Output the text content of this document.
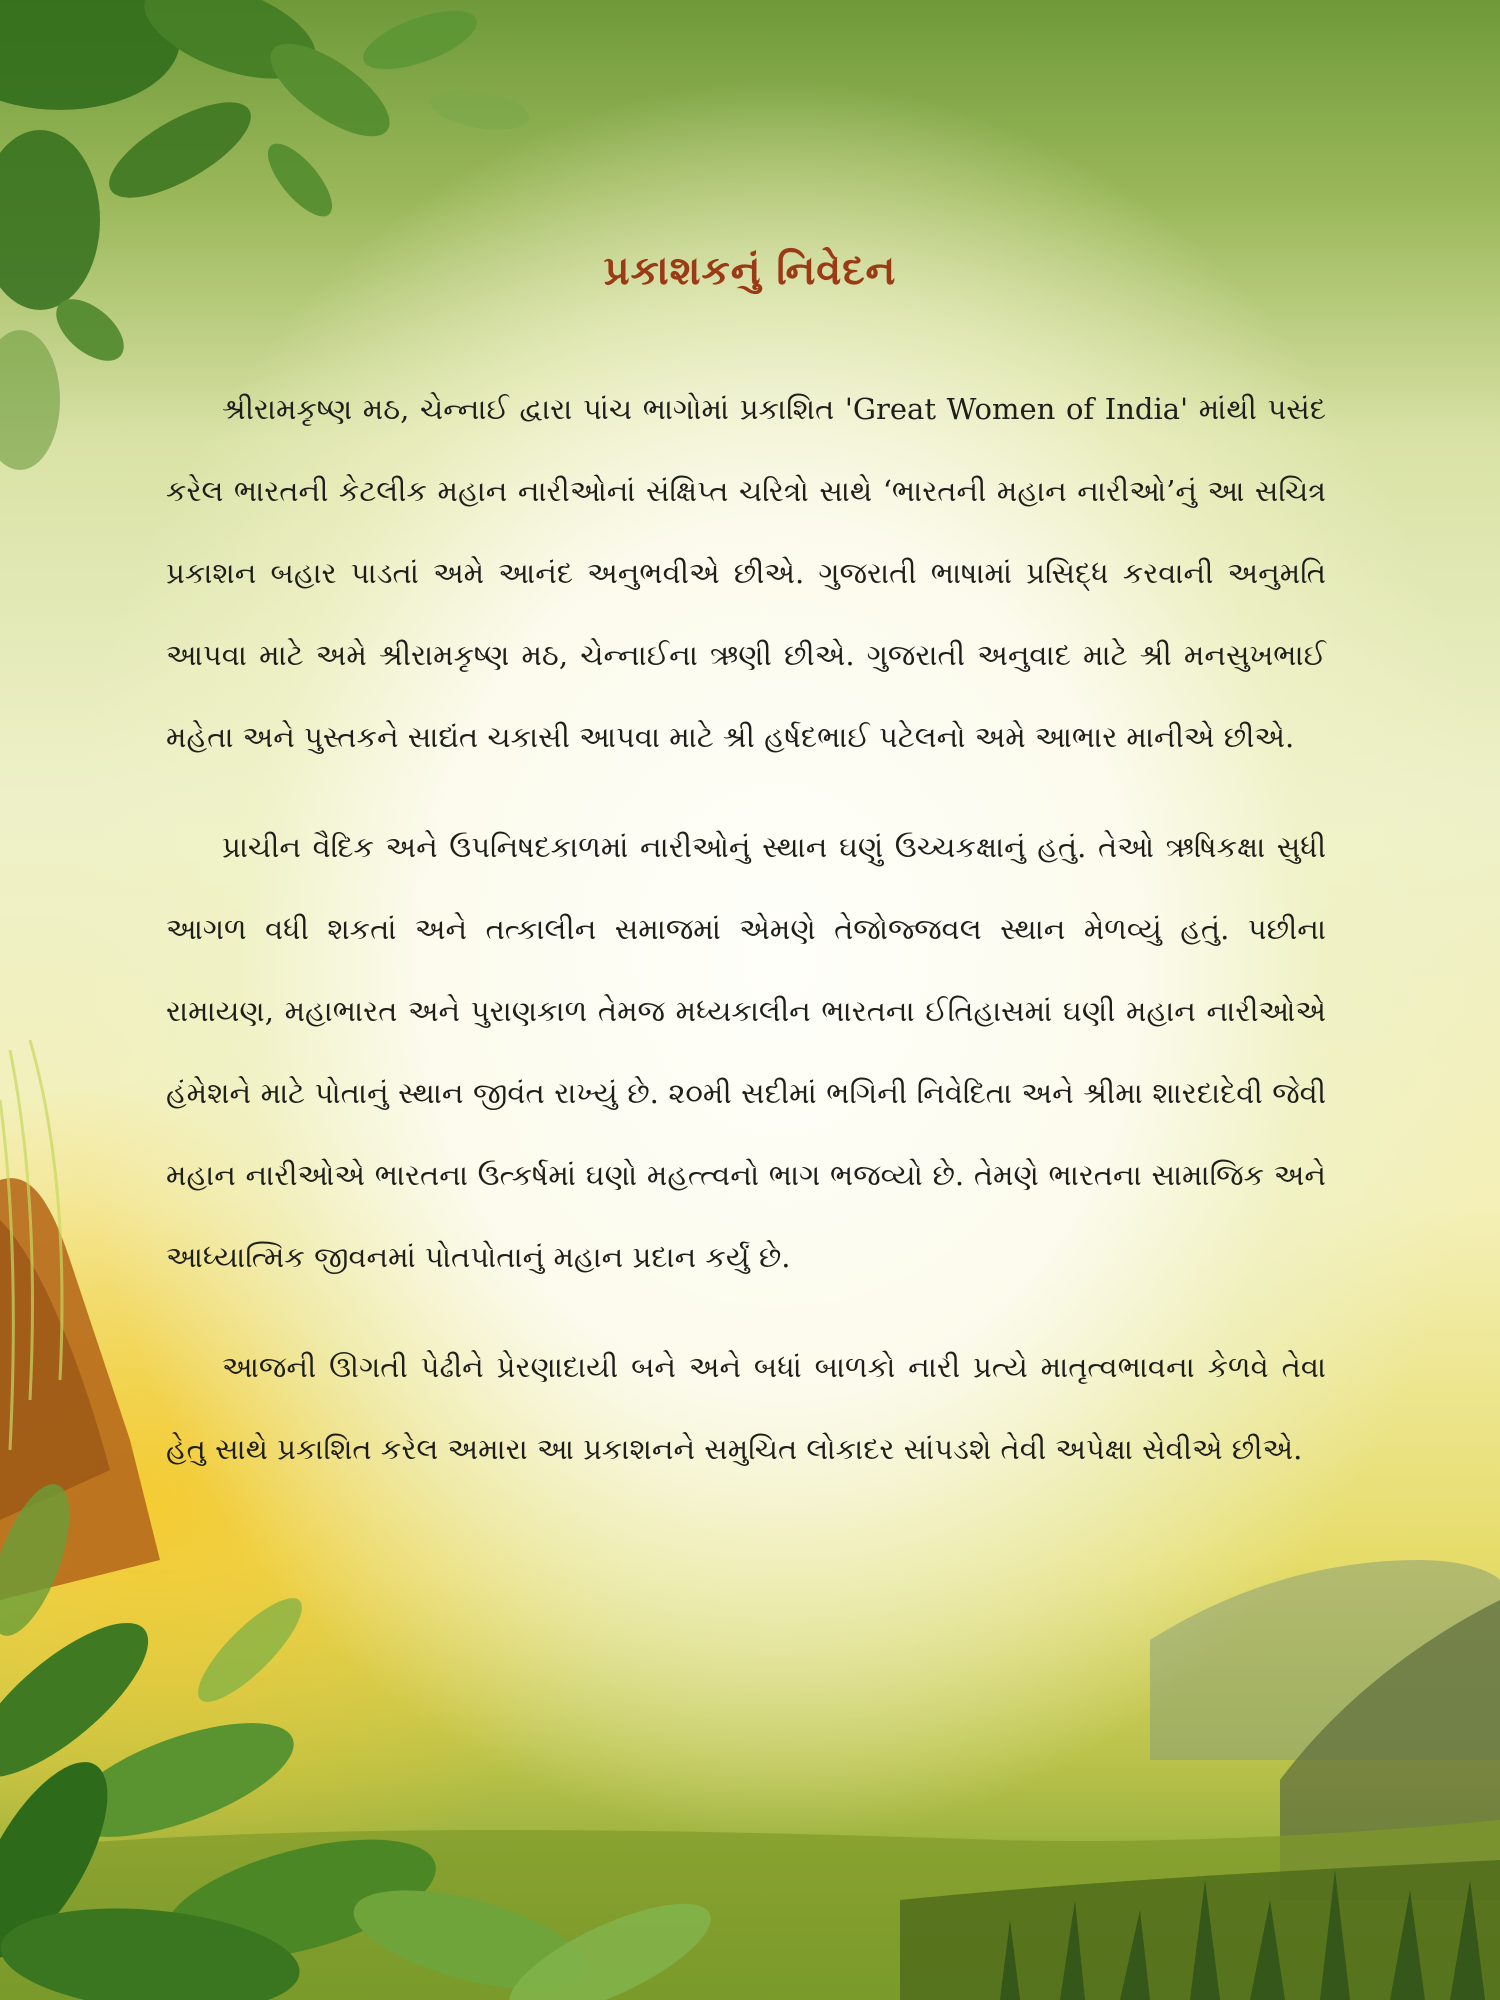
પ્રકાશકનું નિવેદન

શ્રીરામકૃષ્ણ મઠ, ચેન્નાઈ દ્વારા પાંચ ભાગોમાં પ્રકાશિત 'Great Women of India' માંથી પસંદ કરેલ ભારતની કેટલીક મહાન નારીઓનાં સંક્ષિપ્ત ચરિત્રો સાથે ‘ભારતની મહાન નારીઓ’નું આ સચિત્ર પ્રકાશન બહાર પાડતાં અમે આનંદ અનુભવીએ છીએ. ગુજરાતી ભાષામાં પ્રસિદ્ધ કરવાની અનુમતિ આપવા માટે અમે શ્રીરામકૃષ્ણ મઠ, ચેન્નાઈના ઋણી છીએ. ગુજરાતી અનુવાદ માટે શ્રી મનસુખભાઈ મહેતા અને પુસ્તકને સાદ્યંત ચકાસી આપવા માટે શ્રી હર્ષદભાઈ પટેલનો અમે આભાર માનીએ છીએ.

પ્રાચીન વૈદિક અને ઉપનિષદકાળમાં નારીઓનું સ્થાન ઘણું ઉચ્ચકક્ષાનું હતું. તેઓ ઋષિકક્ષા સુધી આગળ વધી શકતાં અને તત્કાલીન સમાજમાં એમણે તેજોજ્જવલ સ્થાન મેળવ્યું હતું. પછીના રામાયણ, મહાભારત અને પુરાણકાળ તેમજ મધ્યકાલીન ભારતના ઈતિહાસમાં ઘણી મહાન નારીઓએ હંમેશને માટે પોતાનું સ્થાન જીવંત રાખ્યું છે. ૨૦મી સદીમાં ભગિની નિવેદિતા અને શ્રીમા શારદાદેવી જેવી મહાન નારીઓએ ભારતના ઉત્કર્ષમાં ઘણો મહત્ત્વનો ભાગ ભજવ્યો છે. તેમણે ભારતના સામાજિક અને આધ્યાત્મિક જીવનમાં પોતપોતાનું મહાન પ્રદાન કર્યું છે.

આજની ઊગતી પેઢીને પ્રેરણાદાયી બને અને બધાં બાળકો નારી પ્રત્યે માતૃત્વભાવના કેળવે તેવા હેતુ સાથે પ્રકાશિત કરેલ અમારા આ પ્રકાશનને સમુચિત લોકાદર સાંપડશે તેવી અપેક્ષા સેવીએ છીએ.
